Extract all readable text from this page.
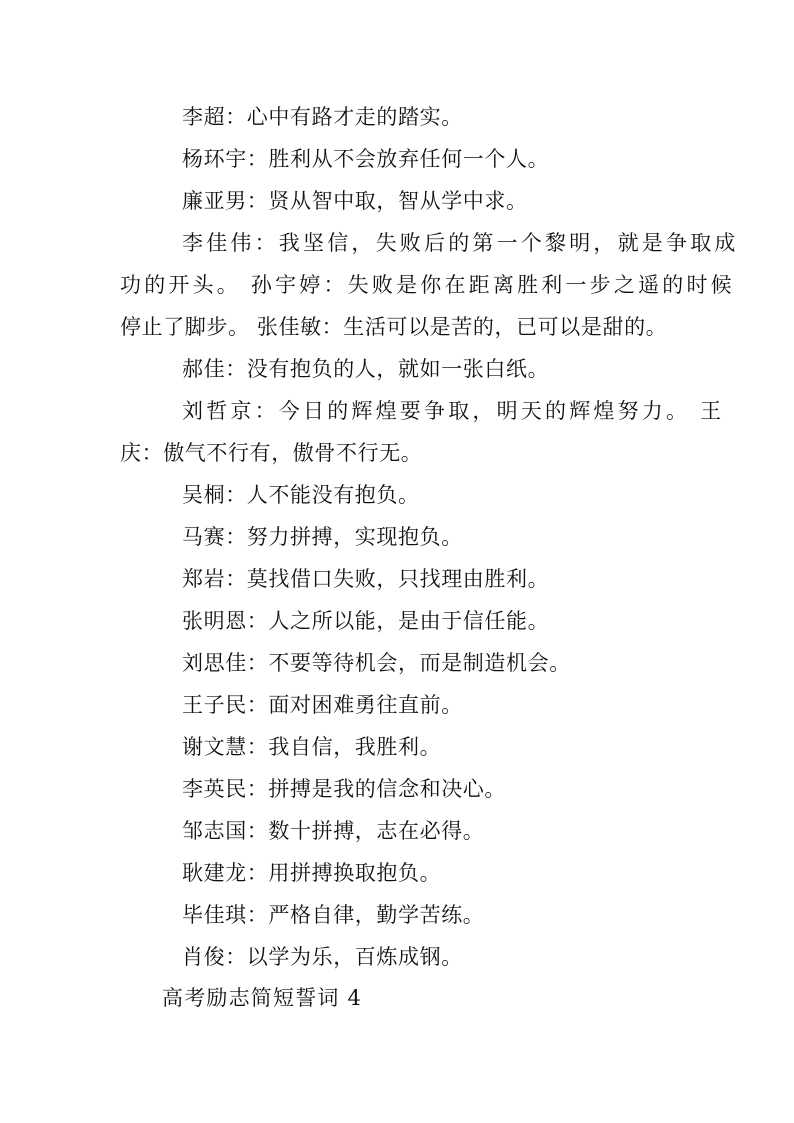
李超：心中有路才走的踏实。
杨环宇：胜利从不会放弃任何一个人。
廉亚男：贤从智中取，智从学中求。
李佳伟：我坚信，失败后的第一个黎明，就是争取成
功的开头。 孙宇婷：失败是你在距离胜利一步之遥的时候
停止了脚步。 张佳敏：生活可以是苦的，已可以是甜的。
郝佳：没有抱负的人，就如一张白纸。
刘哲京：今日的辉煌要争取，明天的辉煌努力。 王
庆：傲气不行有，傲骨不行无。
吴桐：人不能没有抱负。
马赛：努力拼搏，实现抱负。
郑岩：莫找借口失败，只找理由胜利。
张明恩：人之所以能，是由于信任能。
刘思佳：不要等待机会，而是制造机会。
王子民：面对困难勇往直前。
谢文慧：我自信，我胜利。
李英民：拼搏是我的信念和决心。
邹志国：数十拼搏，志在必得。
耿建龙：用拼搏换取抱负。
毕佳琪：严格自律，勤学苦练。
肖俊：以学为乐，百炼成钢。
高考励志简短誓词 4
